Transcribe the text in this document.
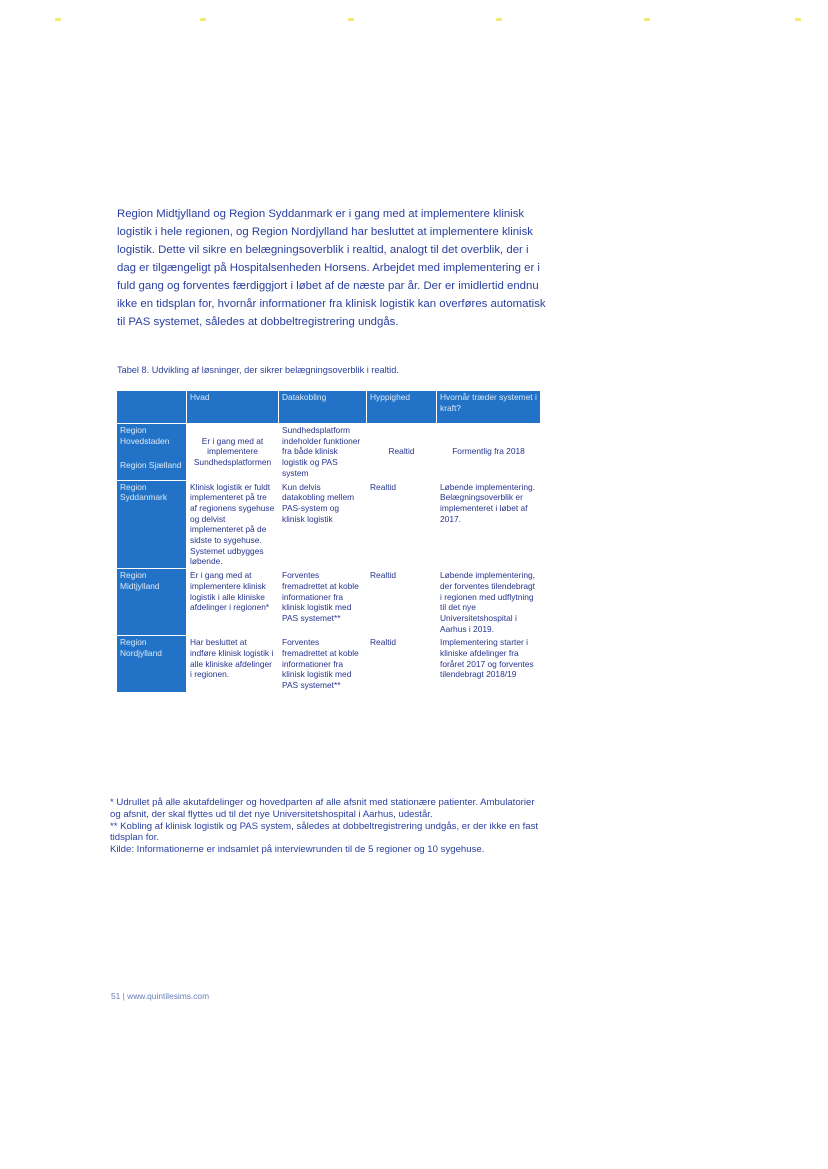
Region Midtjylland og Region Syddanmark er i gang med at implementere klinisk logistik i hele regionen, og Region Nordjylland har besluttet at implementere klinisk logistik. Dette vil sikre en belægningsoverblik i realtid, analogt til det overblik, der i dag er tilgængeligt på Hospitalsenheden Horsens. Arbejdet med implementering er i fuld gang og forventes færdiggjort i løbet af de næste par år. Der er imidlertid endnu ikke en tidsplan for, hvornår informationer fra klinisk logistik kan overføres automatisk til PAS systemet, således at dobbeltregistrering undgås.

Tabel 8. Udvikling af løsninger, der sikrer belægningsoverblik i realtid.
	Hvad	Datakobling	Hyppighed	Hvornår træder systemet i kraft?

Region Hovedstaden
Region Sjælland	Er i gang med at implementere Sundhedsplatformen	Sundhedsplatform indeholder funktioner fra både klinisk logistik og PAS system	Realtid	Formentlig fra 2018
Region Syddanmark	Klinisk logistik er fuldt implementeret på tre af regionens sygehuse og delvist implementeret på de sidste to sygehuse. Systemet udbygges løbende.	Kun delvis datakobling mellem PAS-system og klinisk logistik	Realtid	Løbende implementering. Belægningsoverblik er implementeret i løbet af 2017.
Region Midtjylland	Er i gang med at implementere klinisk logistik i alle kliniske afdelinger i regionen*	Forventes fremadrettet at koble informationer fra klinisk logistik med PAS systemet**	Realtid	Løbende implementering, der forventes tilendebragt i regionen med udflytning til det nye Universitetshospital i Aarhus i 2019.
Region Nordjylland	Har besluttet at indføre klinisk logistik i alle kliniske afdelinger i regionen.	Forventes fremadrettet at koble informationer fra klinisk logistik med PAS systemet**	Realtid	Implementering starter i kliniske afdelinger fra foråret 2017 og forventes tilendebragt 2018/19

* Udrullet på alle akutafdelinger og hovedparten af alle afsnit med stationære patienter. Ambulatorier og afsnit, der skal flyttes ud til det nye Universitetshospital i Aarhus, udestår.

** Kobling af klinisk logistik og PAS system, således at dobbeltregistrering undgås, er der ikke en fast tidsplan for.

Kilde: Informationerne er indsamlet på interviewrunden til de 5 regioner og 10 sygehuse.

51 | www.quintilesims.com
